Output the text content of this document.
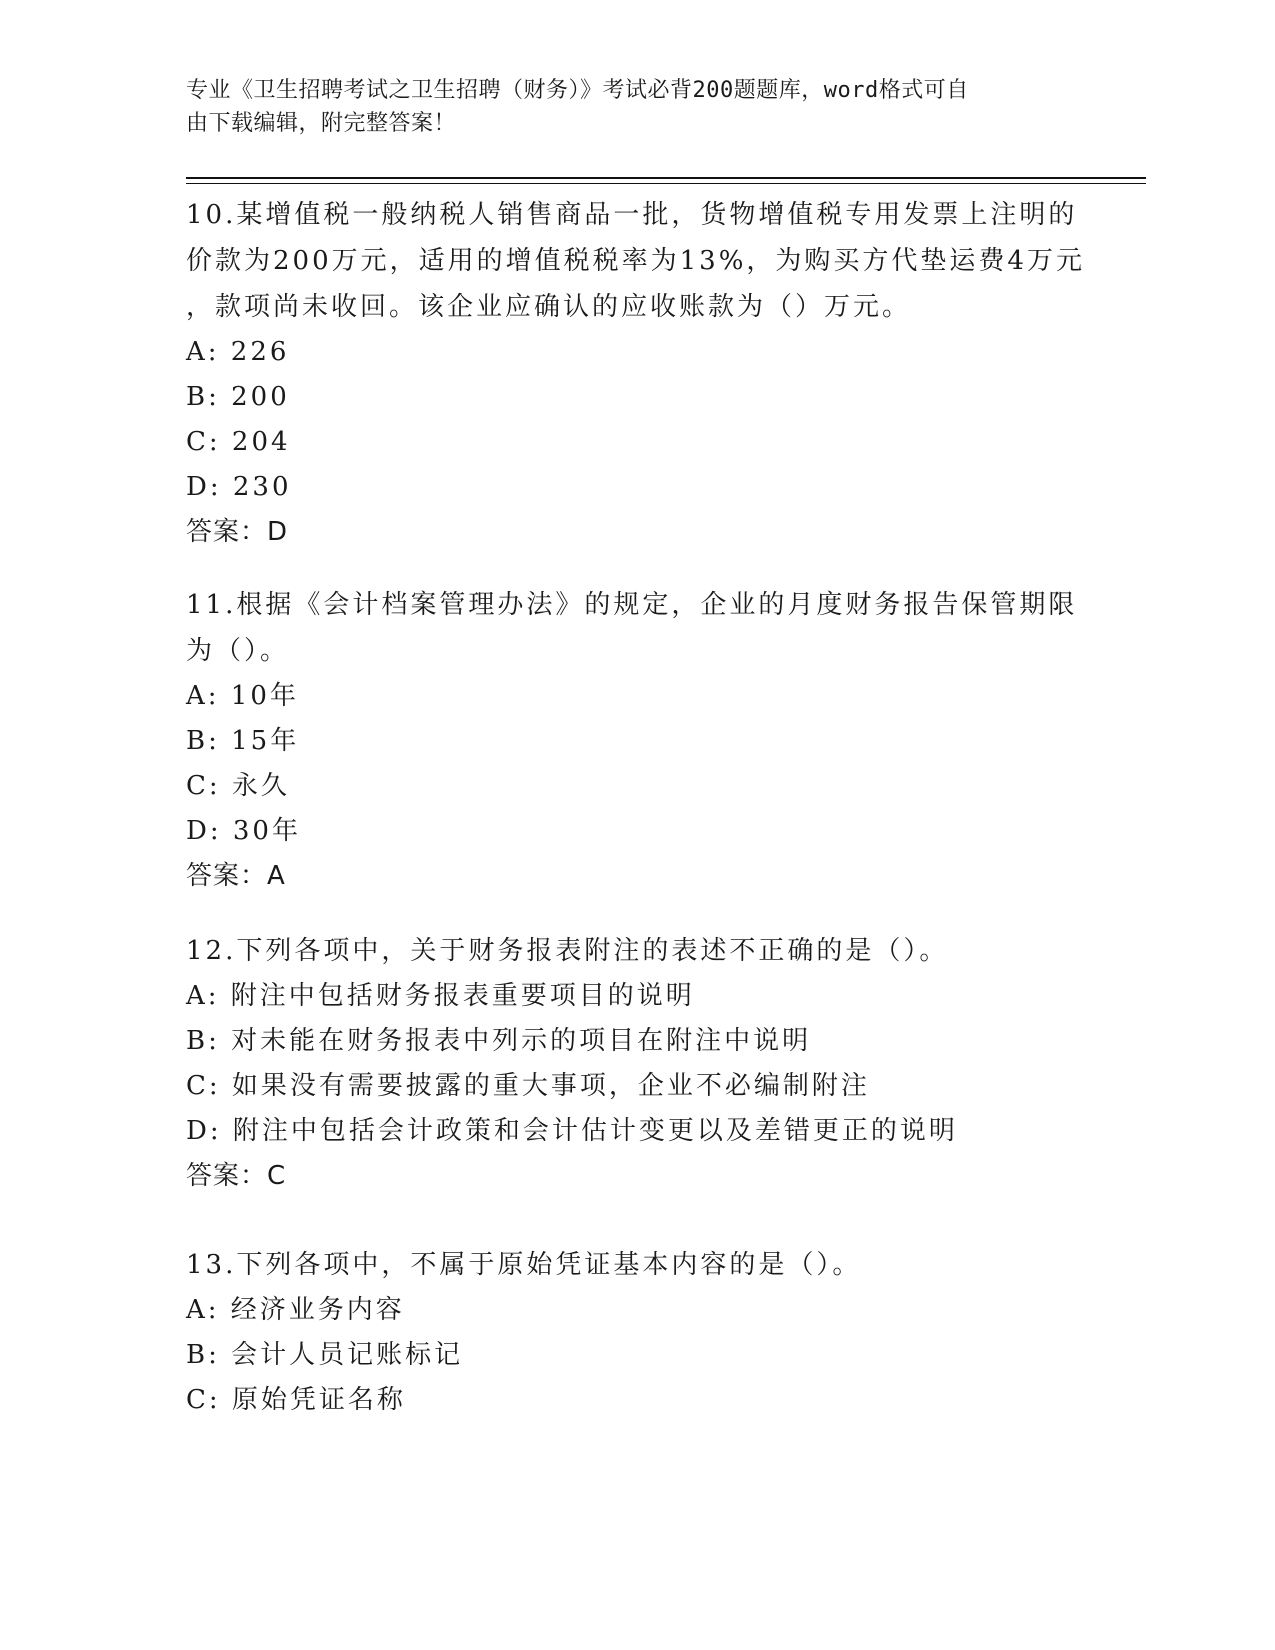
专业《卫生招聘考试之卫生招聘（财务）》考试必背200题题库，word格式可自
由下载编辑，附完整答案！
10.某增值税一般纳税人销售商品一批，货物增值税专用发票上注明的
价款为200万元，适用的增值税税率为13%，为购买方代垫运费4万元
，款项尚未收回。该企业应确认的应收账款为（）万元。
A: 226
B: 200
C: 204
D: 230
答案：D
11.根据《会计档案管理办法》的规定，企业的月度财务报告保管期限
为（）。
A: 10年
B: 15年
C: 永久
D: 30年
答案：A
12.下列各项中，关于财务报表附注的表述不正确的是（）。
A: 附注中包括财务报表重要项目的说明
B: 对未能在财务报表中列示的项目在附注中说明
C: 如果没有需要披露的重大事项，企业不必编制附注
D: 附注中包括会计政策和会计估计变更以及差错更正的说明
答案：C
13.下列各项中，不属于原始凭证基本内容的是（）。
A: 经济业务内容
B: 会计人员记账标记
C: 原始凭证名称
